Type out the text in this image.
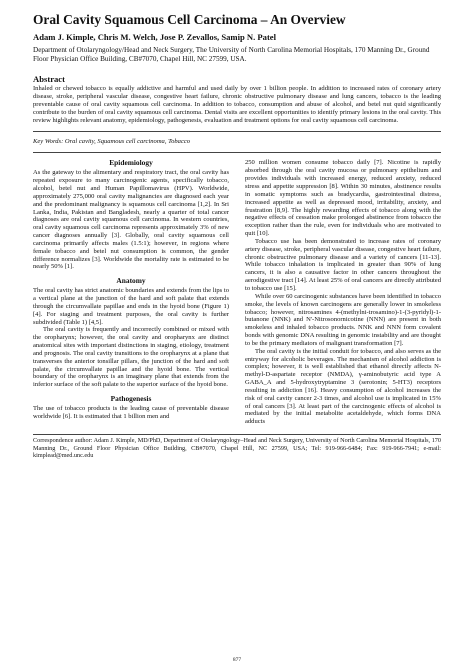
Oral Cavity Squamous Cell Carcinoma – An Overview
Adam J. Kimple, Chris M. Welch, Jose P. Zevallos, Samip N. Patel
Department of Otolaryngology/Head and Neck Surgery, The University of North Carolina Memorial Hospitals, 170 Manning Dr., Ground Floor Physician Office Building, CB#7070, Chapel Hill, NC 27599, USA.
Abstract
Inhaled or chewed tobacco is equally addictive and harmful and used daily by over 1 billion people. In addition to increased rates of coronary artery disease, stroke, peripheral vascular disease, congestive heart failure, chronic obstructive pulmonary disease and lung cancers, tobacco is the leading preventable cause of oral cavity squamous cell carcinoma. In addition to tobacco, consumption and abuse of alcohol, and betel nut quid significantly contribute to the burden of oral cavity squamous cell carcinoma. Dental visits are excellent opportunities to identify primary lesions in the oral cavity. This review highlights relevant anatomy, epidemiology, pathogenesis, evaluation and treatment options for oral cavity squamous cell carcinoma.
Key Words: Oral cavity, Squamous cell carcinoma, Tobacco
Epidemiology

As the gateway to the alimentary and respiratory tract, the oral cavity has repeated exposure to many carcinogenic agents, specifically tobacco, alcohol, betel nut and Human Papillomavirus (HPV). Worldwide, approximately 275,000 oral cavity malignancies are diagnosed each year and the predominant malignancy is squamous cell carcinoma [1,2]. In Sri Lanka, India, Pakistan and Bangladesh, nearly a quarter of total cancer diagnoses are oral cavity squamous cell carcinoma. In western countries, oral cavity squamous cell carcinoma represents approximately 3% of new cancer diagnoses annually [3]. Globally, oral cavity squamous cell carcinoma primarily affects males (1.5:1); however, in regions where female tobacco and betel nut consumption is common, the gender difference normalizes [3]. Worldwide the mortality rate is estimated to be nearly 50% [1].

Anatomy

The oral cavity has strict anatomic boundaries and extends from the lips to a vertical plane at the junction of the hard and soft palate that extends through the circumvallate papillae and ends in the hyoid bone (Figure 1) [4]. For staging and treatment purposes, the oral cavity is further subdivided (Table 1) [4,5].

The oral cavity is frequently and incorrectly combined or mixed with the oropharynx; however, the oral cavity and oropharynx are distinct anatomical sites with important distinctions in staging, etiology, treatment and prognosis. The oral cavity transitions to the oropharynx at a plane that transverses the anterior tonsillar pillars, the junction of the hard and soft palate, the circumvallate papillae and the hyoid bone. The vertical boundary of the oropharynx is an imaginary plane that extends from the inferior surface of the soft palate to the superior surface of the hyoid bone.

Pathogenesis

The use of tobacco products is the leading cause of preventable disease worldwide [6]. It is estimated that 1 billion men and

250 million women consume tobacco daily [7]. Nicotine is rapidly absorbed through the oral cavity mucosa or pulmonary epithelium and provides individuals with increased energy, reduced anxiety, reduced stress and appetite suppression [8]. Within 30 minutes, abstinence results in somatic symptoms such as bradycardia, gastrointestinal distress, increased appetite as well as depressed mood, irritability, anxiety, and frustration [8,9]. The highly rewarding effects of tobacco along with the negative effects of cessation make prolonged abstinence from tobacco the exception rather than the rule, even for individuals who are motivated to quit [10].

Tobacco use has been demonstrated to increase rates of coronary artery disease, stroke, peripheral vascular disease, congestive heart failure, chronic obstructive pulmonary disease and a variety of cancers [11-13]. While tobacco inhalation is implicated in greater than 90% of lung cancers, it is also a causative factor in other cancers throughout the aerodigestive tract [14]. At least 25% of oral cancers are directly attributed to tobacco use [15].

While over 60 carcinogenic substances have been identified in tobacco smoke, the levels of known carcinogens are generally lower in smokeless tobacco; however, nitrosamines 4-(methylni-trosamino)-1-(3-pyridyl)-1-butanone (NNK) and N'-Nitrosonornicotine (NNN) are present in both smokeless and inhaled tobacco products. NNK and NNN form covalent bonds with genomic DNA resulting in genomic instability and are thought to be the primary mediators of malignant transformation [7].

The oral cavity is the initial conduit for tobacco, and also serves as the entryway for alcoholic beverages. The mechanism of alcohol addiction is complex; however, it is well established that ethanol directly affects N-methyl-D-aspartate receptor (NMDA), γ-aminobutyric acid type A GABA_A and 5-hydroxytryptamine 3 (serotonin; 5-HT3) receptors resulting in addiction [16]. Heavy consumption of alcohol increases the risk of oral cavity cancer 2-3 times, and alcohol use is implicated in 15% of oral cancers [3]. At least part of the carcinogenic effects of alcohol is mediated by the initial metabolite acetaldehyde, which forms DNA adducts

Correspondence author: Adam J. Kimple, MD/PhD, Department of Otolaryngology–Head and Neck Surgery, University of North Carolina Memorial Hospitals, 170 Manning Dr., Ground Floor Physician Office Building, CB#7070, Chapel Hill, NC 27599, USA; Tel: 919-966-6484; Fax: 919-966-7941; e-mail: kimplead@med.unc.edu
877
